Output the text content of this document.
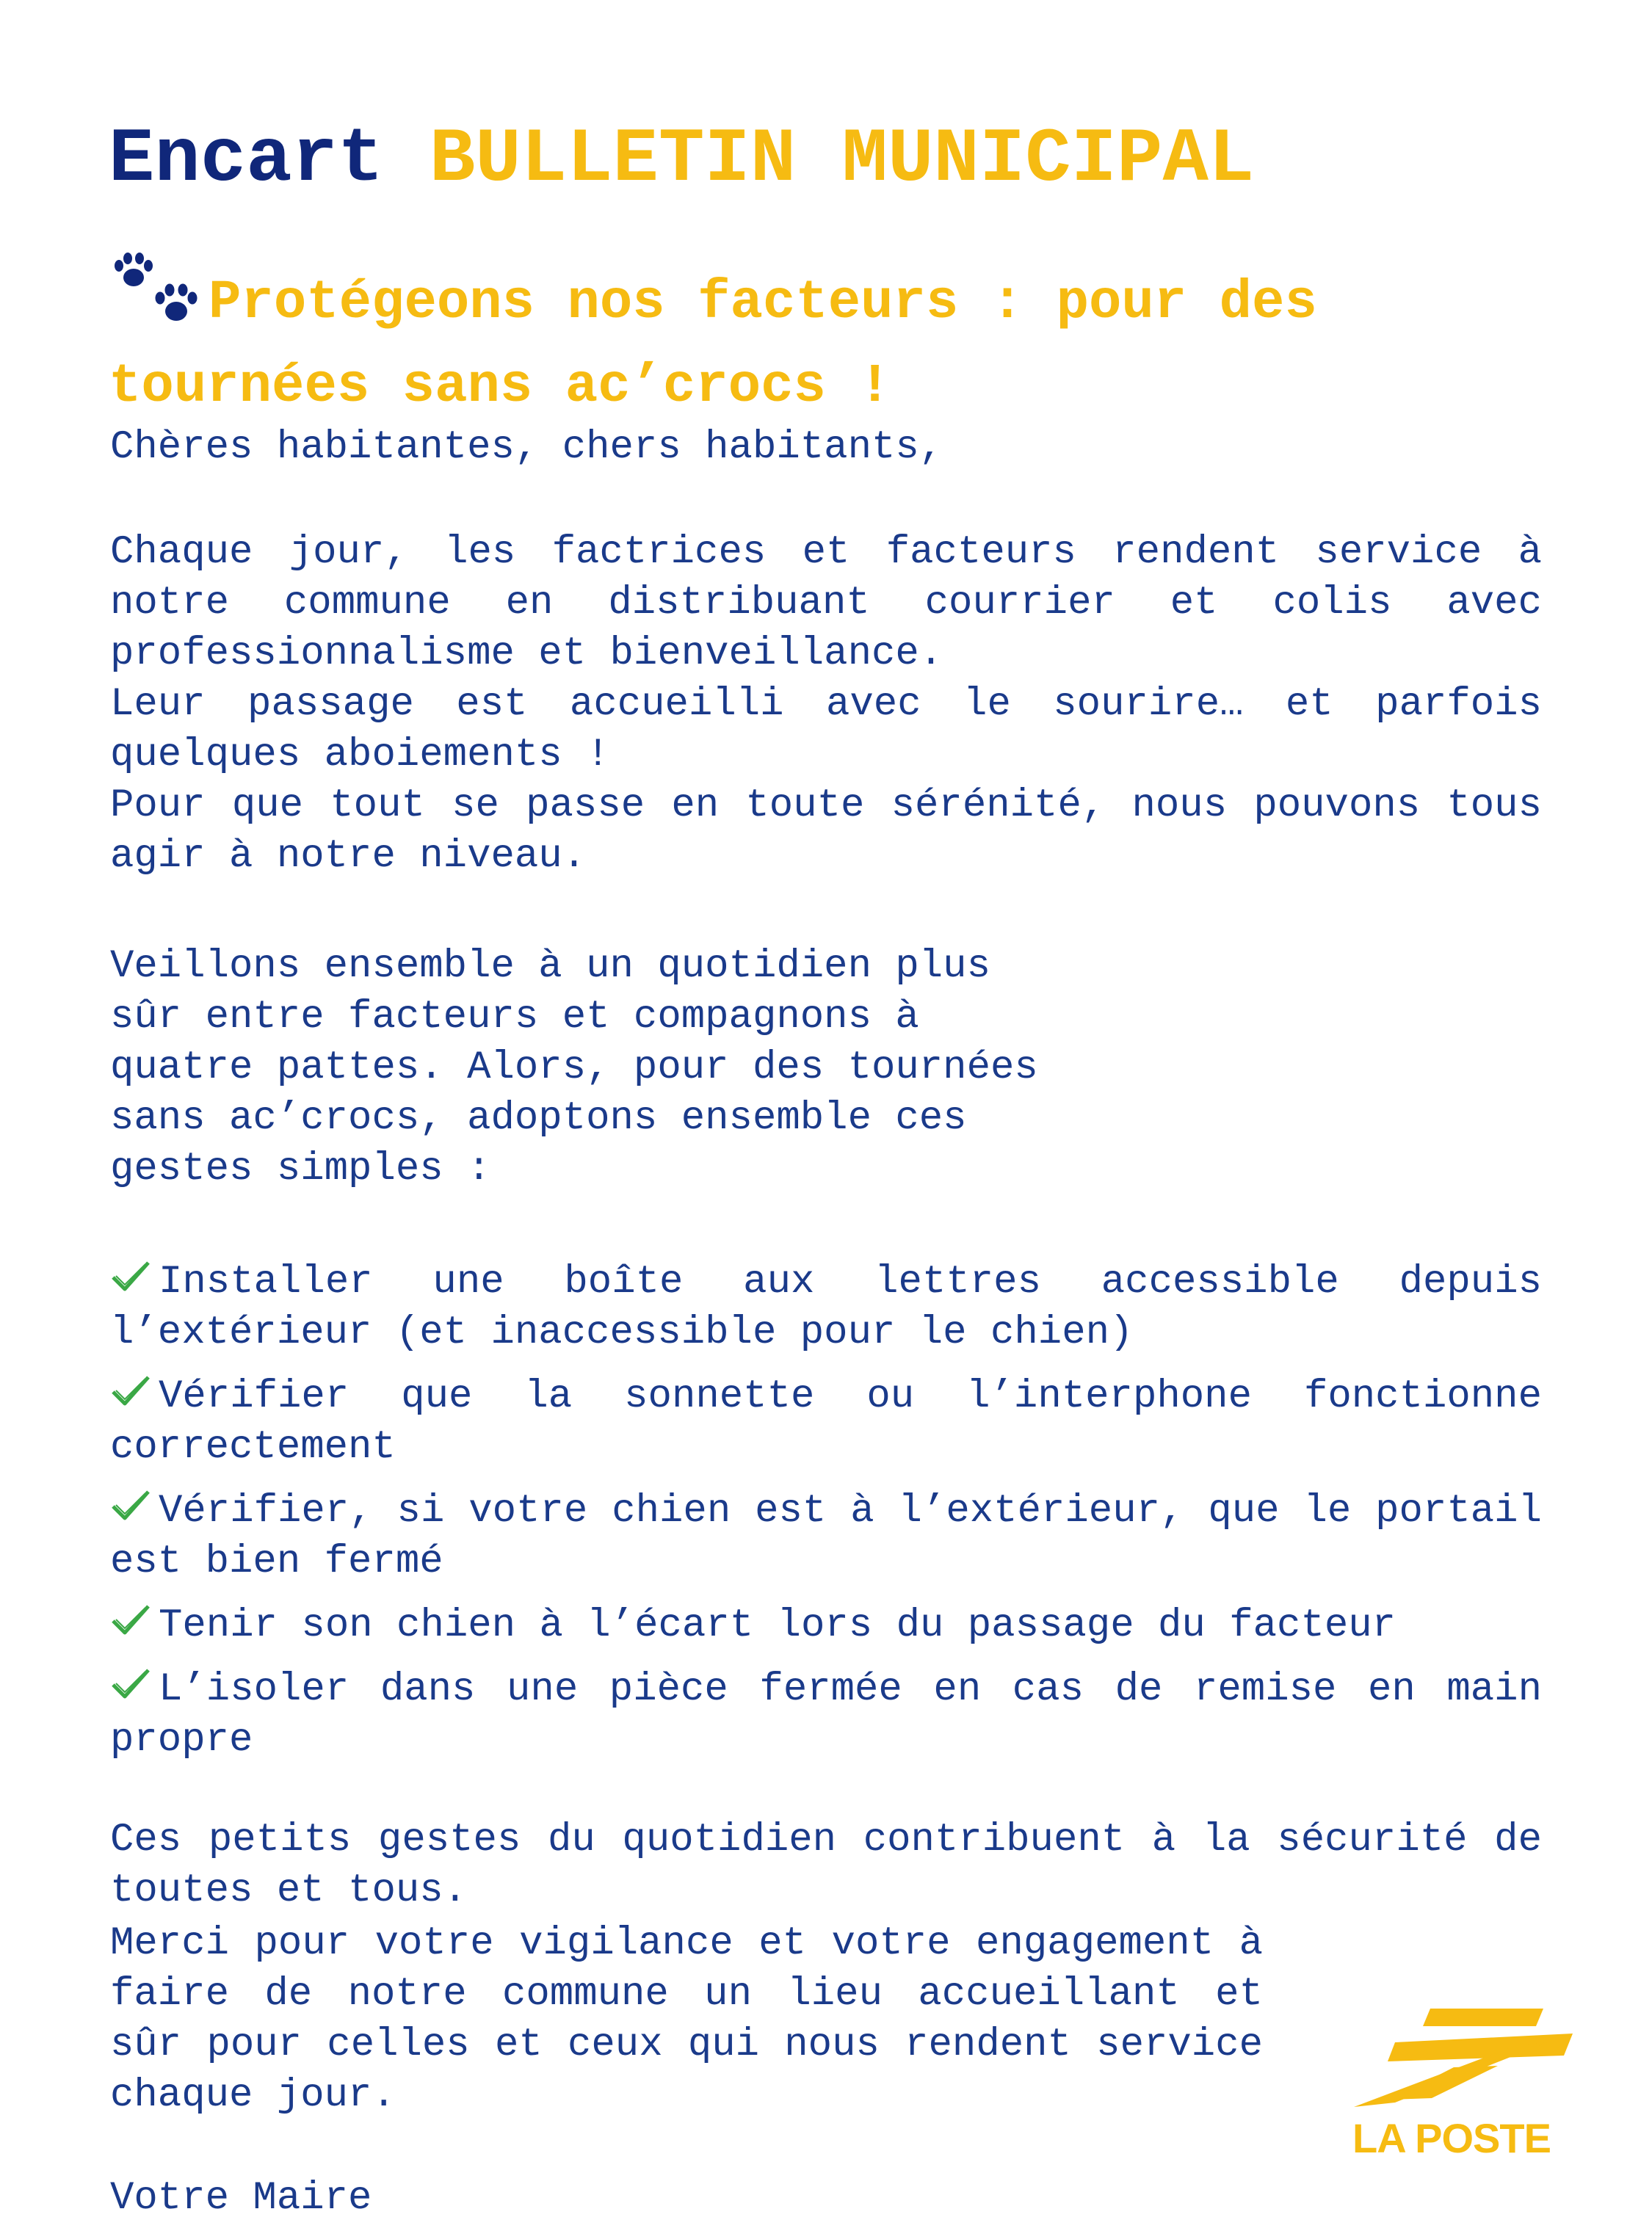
Encart BULLETIN MUNICIPAL
Protégeons nos facteurs : pour des tournées sans ac’crocs !

Chères habitantes, chers habitants,

Chaque jour, les factrices et facteurs rendent service à notre commune en distribuant courrier et colis avec professionnalisme et bienveillance.
Leur passage est accueilli avec le sourire… et parfois quelques aboiements !
Pour que tout se passe en toute sérénité, nous pouvons tous agir à notre niveau.
Veillons ensemble à un quotidien plus
sûr entre facteurs et compagnons à
quatre pattes. Alors, pour des tournées
sans ac’crocs, adoptons ensemble ces
gestes simples :
Installer une boîte aux lettres accessible depuis l’extérieur (et inaccessible pour le chien)
Vérifier que la sonnette ou l’interphone fonctionne correctement
Vérifier, si votre chien est à l’extérieur, que le portail est bien fermé
Tenir son chien à l’écart lors du passage du facteur
L’isoler dans une pièce fermée en cas de remise en main propre

Ces petits gestes du quotidien contribuent à la sécurité de toutes et tous.

Merci pour votre vigilance et votre engagement à faire de notre commune un lieu accueillant et sûr pour celles et ceux qui nous rendent service chaque jour.

Votre Maire

LA POSTE
